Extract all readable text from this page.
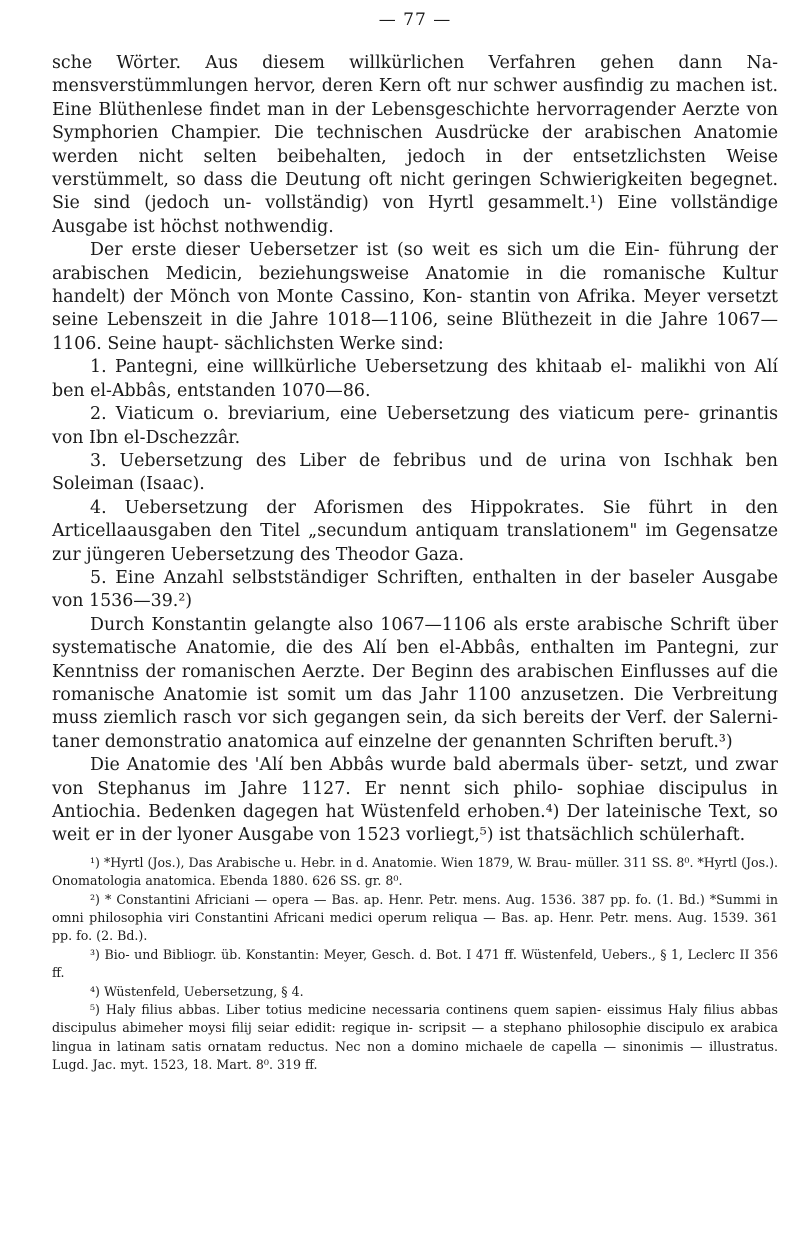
— 77 —

sche Wörter. Aus diesem willkürlichen Verfahren gehen dann Na- mensverstümmlungen hervor, deren Kern oft nur schwer ausfindig zu machen ist. Eine Blüthenlese findet man in der Lebensgeschichte hervorragender Aerzte von Symphorien Champier. Die technischen Ausdrücke der arabischen Anatomie werden nicht selten beibehalten, jedoch in der entsetzlichsten Weise verstümmelt, so dass die Deutung oft nicht geringen Schwierigkeiten begegnet. Sie sind (jedoch un- vollständig) von Hyrtl gesammelt.¹) Eine vollständige Ausgabe ist höchst nothwendig.

Der erste dieser Uebersetzer ist (so weit es sich um die Ein- führung der arabischen Medicin, beziehungsweise Anatomie in die romanische Kultur handelt) der Mönch von Monte Cassino, Kon- stantin von Afrika. Meyer versetzt seine Lebenszeit in die Jahre 1018—1106, seine Blüthezeit in die Jahre 1067—1106. Seine haupt- sächlichsten Werke sind:

1. Pantegni, eine willkürliche Uebersetzung des khitaab el- malikhi von Alí ben el-Abbâs, entstanden 1070—86.

2. Viaticum o. breviarium, eine Uebersetzung des viaticum pere- grinantis von Ibn el-Dschezzâr.

3. Uebersetzung des Liber de febribus und de urina von Ischhak ben Soleiman (Isaac).

4. Uebersetzung der Aforismen des Hippokrates. Sie führt in den Articellaausgaben den Titel „secundum antiquam translationem" im Gegensatze zur jüngeren Uebersetzung des Theodor Gaza.

5. Eine Anzahl selbstständiger Schriften, enthalten in der baseler Ausgabe von 1536—39.²)

Durch Konstantin gelangte also 1067—1106 als erste arabische Schrift über systematische Anatomie, die des Alí ben el-Abbâs, enthalten im Pantegni, zur Kenntniss der romanischen Aerzte. Der Beginn des arabischen Einflusses auf die romanische Anatomie ist somit um das Jahr 1100 anzusetzen. Die Verbreitung muss ziemlich rasch vor sich gegangen sein, da sich bereits der Verf. der Salerni- taner demonstratio anatomica auf einzelne der genannten Schriften beruft.³)

Die Anatomie des 'Alí ben Abbâs wurde bald abermals über- setzt, und zwar von Stephanus im Jahre 1127. Er nennt sich philo- sophiae discipulus in Antiochia. Bedenken dagegen hat Wüstenfeld erhoben.⁴) Der lateinische Text, so weit er in der lyoner Ausgabe von 1523 vorliegt,⁵) ist thatsächlich schülerhaft.

¹) *Hyrtl (Jos.), Das Arabische u. Hebr. in d. Anatomie. Wien 1879, W. Brau- müller. 311 SS. 8⁰. *Hyrtl (Jos.). Onomatologia anatomica. Ebenda 1880. 626 SS. gr. 8⁰.

²) * Constantini Africiani — opera — Bas. ap. Henr. Petr. mens. Aug. 1536. 387 pp. fo. (1. Bd.) *Summi in omni philosophia viri Constantini Africani medici operum reliqua — Bas. ap. Henr. Petr. mens. Aug. 1539. 361 pp. fo. (2. Bd.).

³) Bio- und Bibliogr. üb. Konstantin: Meyer, Gesch. d. Bot. I 471 ff. Wüstenfeld, Uebers., § 1, Leclerc II 356 ff.

⁴) Wüstenfeld, Uebersetzung, § 4.

⁵) Haly filius abbas. Liber totius medicine necessaria continens quem sapien- eissimus Haly filius abbas discipulus abimeher moysi filij seiar edidit: regique in- scripsit — a stephano philosophie discipulo ex arabica lingua in latinam satis ornatam reductus. Nec non a domino michaele de capella — sinonimis — illustratus. Lugd. Jac. myt. 1523, 18. Mart. 8⁰. 319 ff.
